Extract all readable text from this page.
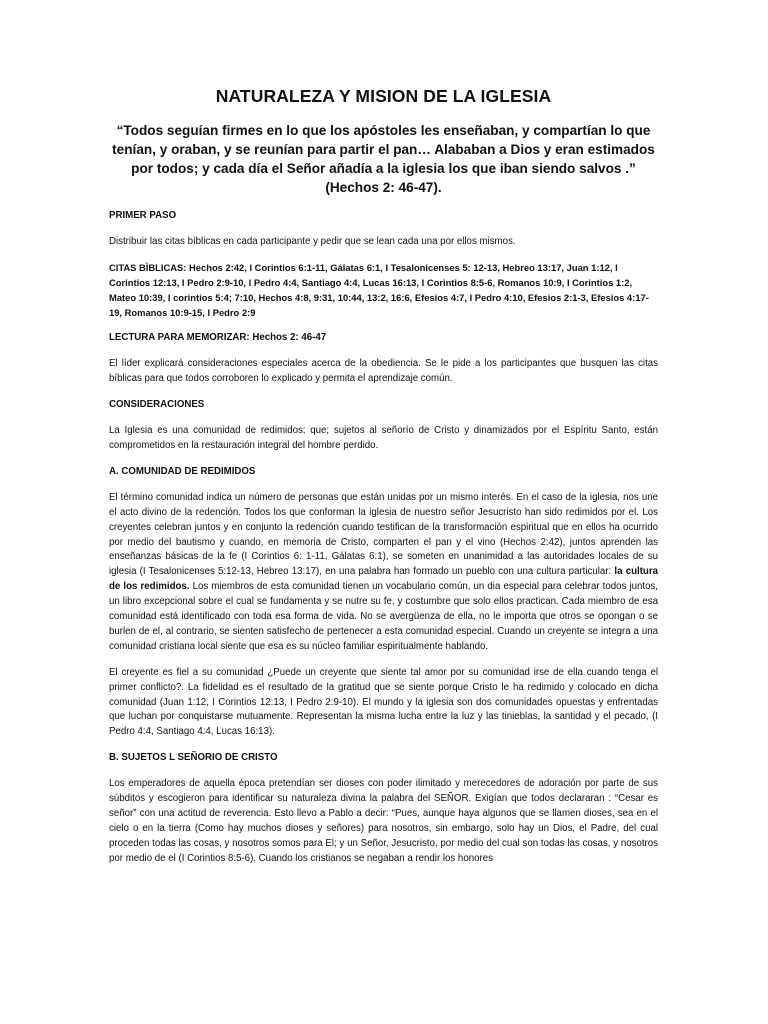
NATURALEZA Y MISION DE LA IGLESIA
“Todos seguían firmes en lo que los apóstoles les enseñaban, y compartían lo que tenían, y oraban, y se reunían para partir el pan… Alababan a Dios y eran estimados por todos; y cada día el Señor añadía a la iglesia los que iban siendo salvos .” (Hechos 2: 46-47).
PRIMER PASO
Distribuir las citas bíblicas en cada participante y pedir que se lean cada una por ellos mismos.
CITAS BÌBLICAS: Hechos 2:42, I Corintios 6:1-11, Gálatas 6:1, I Tesalonicenses 5: 12-13, Hebreo 13:17, Juan 1:12, I Corintios 12:13, I Pedro 2:9-10, I Pedro 4:4, Santiago 4:4, Lucas 16:13, I Corintios 8:5-6, Romanos 10:9, I Corintios 1:2, Mateo 10:39, I corintios 5:4; 7:10, Hechos 4:8, 9:31, 10:44, 13:2, 16:6, Efesios 4:7, I Pedro 4:10, Efesios 2:1-3, Efesios 4:17-19, Romanos 10:9-15, I Pedro 2:9
LECTURA PARA MEMORIZAR: Hechos 2: 46-47
El líder explicará consideraciones especiales acerca de la obediencia. Se le pide a los participantes que busquen las citas bíblicas para que todos corroboren lo explicado y permita el aprendizaje común.
CONSIDERACIONES
La Iglesia es una comunidad de redimidos; que; sujetos al señorío de Cristo y dinamizados por el Espíritu Santo, están comprometidos en la restauración integral del hombre perdido.
A. COMUNIDAD DE REDIMIDOS
El término comunidad indica un número de personas que están unidas por un mismo interés. En el caso de la iglesia, nos une el acto divino de la redención. Todos los que conforman la iglesia de nuestro señor Jesucristo han sido redimidos por el. Los creyentes celebran juntos y en conjunto la redención cuando testifican de la transformación espiritual que en ellos ha ocurrido por medio del bautismo y cuando, en memoria de Cristo, comparten el pan y el vino (Hechos 2:42), juntos aprenden las enseñanzas básicas de la fe (I Corintios 6: 1-11, Gálatas 6:1), se someten en unanimidad a las autoridades locales de su iglesia (I Tesalonicenses 5:12-13, Hebreo 13:17), en una palabra han formado un pueblo con una cultura particular: la cultura de los redimidos. Los miembros de esta comunidad tienen un vocabulario común, un dia especial para celebrar todos juntos, un libro excepcional sobre el cual se fundamenta y se nutre su fe, y costumbre que solo ellos practican. Cada miembro de esa comunidad está identificado con toda esa forma de vida. No se avergüenza de ella, no le importa que otros se opongan o se burlen de el, al contrario, se sienten satisfecho de pertenecer a esta comunidad especial. Cuando un creyente se integra a una comunidad cristiana local siente que esa es su núcleo familiar espiritualmente hablando.
El creyente es fiel a su comunidad ¿Puede un creyente que siente tal amor por su comunidad irse de ella cuando tenga el primer conflicto?. La fidelidad es el resultado de la gratitud que se siente porque Cristo le ha redimido y colocado en dicha comunidad (Juan 1:12, I Corintios 12:13, I Pedro 2:9-10). El mundo y la iglesia son dos comunidades opuestas y enfrentadas que luchan por conquistarse mutuamente. Representan la misma lucha entre la luz y las tinieblas, la santidad y el pecado, (I Pedro 4:4, Santiago 4:4, Lucas 16:13).
B. SUJETOS L SEÑORIO DE CRISTO
Los emperadores de aquella época pretendían ser dioses con poder ilimitado y merecedores de adoración por parte de sus súbditos y escogieron para identificar su naturaleza divina la palabra del SEÑOR. Exigían que todos declararan : “Cesar es señor” con una actitud de reverencia. Esto llevo a Pablo a decir: “Pues, aunque haya algunos que se llamen dioses, sea en el cielo o en la tierra (Como hay muchos dioses y señores) para nosotros, sin embargo, solo hay un Dios, el Padre, del cual proceden todas las cosas, y nosotros somos para El; y un Señor, Jesucristo, por medio del cual son todas las cosas, y nosotros por medio de el (I Corintios 8:5-6). Cuando los cristianos se negaban a rendir los honores
